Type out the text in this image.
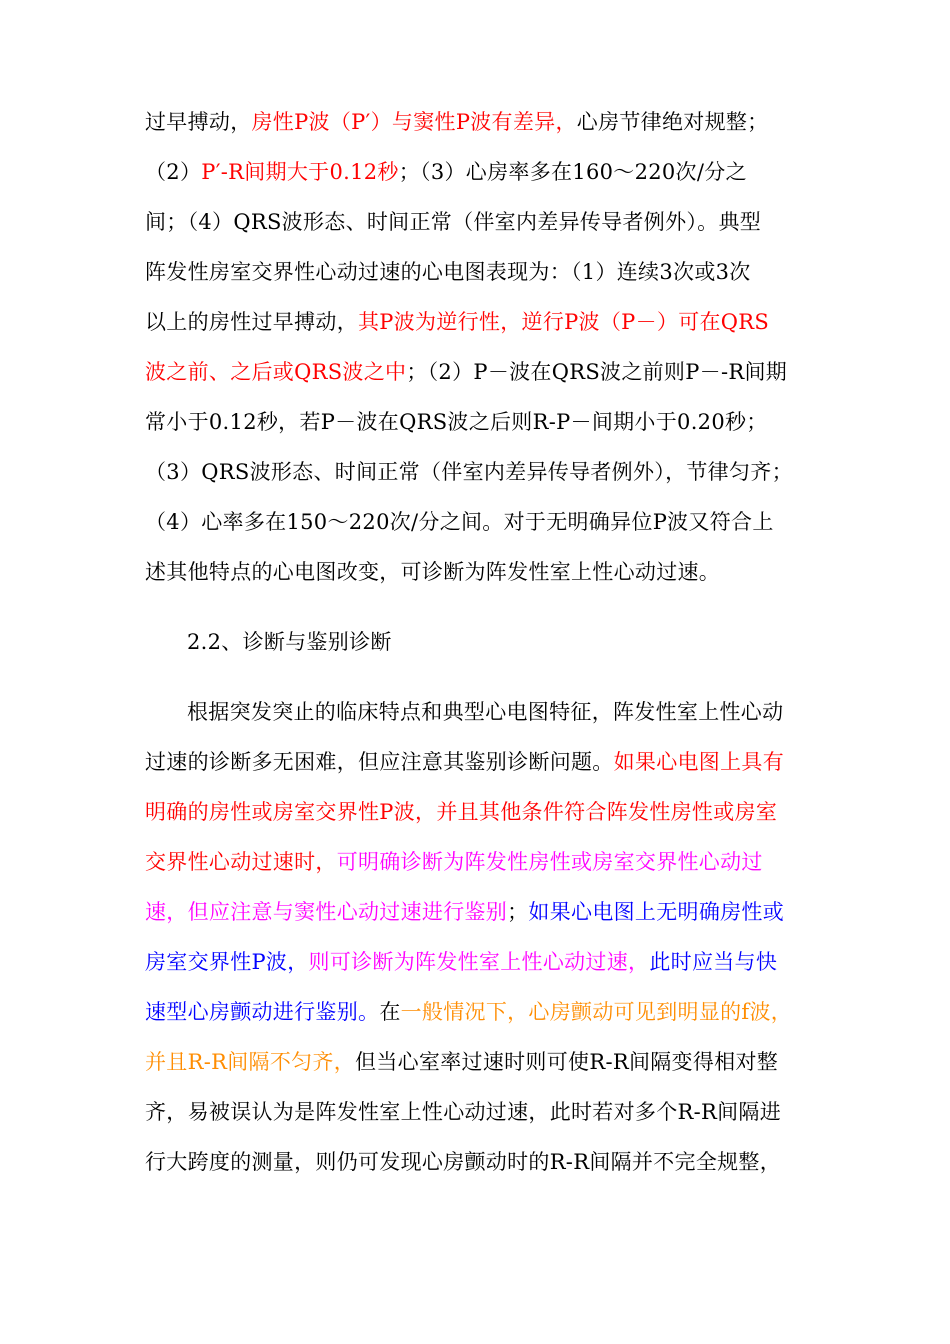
过早搏动，房性P波（P′）与窦性P波有差异，心房节律绝对规整；
（2）P′-R间期大于0.12秒；（3）心房率多在160～220次/分之
间；（4）QRS波形态、时间正常（伴室内差异传导者例外）。典型
阵发性房室交界性心动过速的心电图表现为：（1）连续3次或3次
以上的房性过早搏动，其P波为逆行性，逆行P波（P－）可在QRS
波之前、之后或QRS波之中；（2）P－波在QRS波之前则P－-R间期
常小于0.12秒，若P－波在QRS波之后则R-P－间期小于0.20秒；
（3）QRS波形态、时间正常（伴室内差异传导者例外），节律匀齐；
（4）心率多在150～220次/分之间。对于无明确异位P波又符合上
述其他特点的心电图改变，可诊断为阵发性室上性心动过速。
2.2、诊断与鉴别诊断
根据突发突止的临床特点和典型心电图特征，阵发性室上性心动
过速的诊断多无困难，但应注意其鉴别诊断问题。如果心电图上具有
明确的房性或房室交界性P波，并且其他条件符合阵发性房性或房室
交界性心动过速时，可明确诊断为阵发性房性或房室交界性心动过
速，但应注意与窦性心动过速进行鉴别；如果心电图上无明确房性或
房室交界性P波，则可诊断为阵发性室上性心动过速，此时应当与快
速型心房颤动进行鉴别。在一般情况下，心房颤动可见到明显的f波，
并且R-R间隔不匀齐，但当心室率过速时则可使R-R间隔变得相对整
齐，易被误认为是阵发性室上性心动过速，此时若对多个R-R间隔进
行大跨度的测量，则仍可发现心房颤动时的R-R间隔并不完全规整，
